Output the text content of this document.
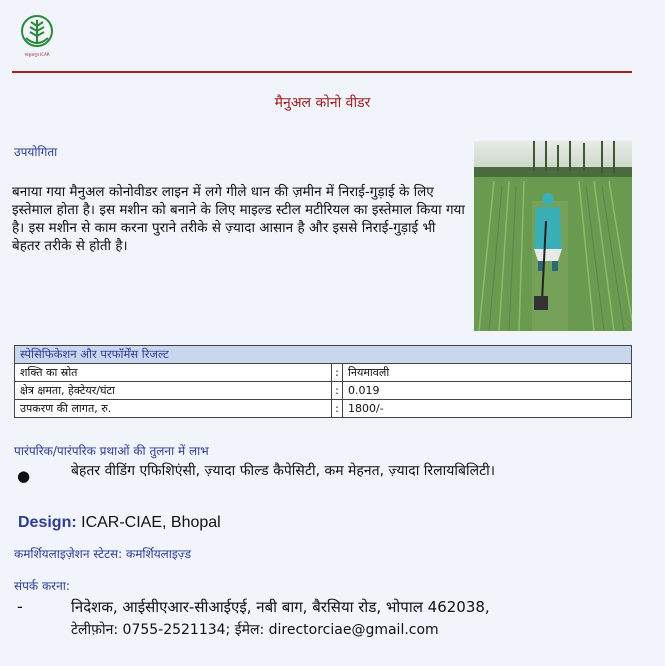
भाकृअनुप ICAR
मैनुअल कोनो वीडर
उपयोगिता
बनाया गया मैनुअल कोनोवीडर लाइन में लगे गीले धान की ज़मीन में निराई-गुड़ाई के लिए इस्तेमाल होता है। इस मशीन को बनाने के लिए माइल्ड स्टील मटीरियल का इस्तेमाल किया गया है। इस मशीन से काम करना पुराने तरीके से ज़्यादा आसान है और इससे निराई-गुड़ाई भी बेहतर तरीके से होती है।
स्पेसिफिकेशन और परफॉर्मेंस रिजल्ट		
शक्ति का स्रोत	:	नियमावली
क्षेत्र क्षमता, हेक्टेयर/घंटा	:	0.019
उपकरण की लागत, रु.	:	1800/-
पारंपरिक/पारंपरिक प्रथाओं की तुलना में लाभ
●	बेहतर वीडिंग एफिशिएंसी, ज़्यादा फील्ड कैपेसिटी, कम मेहनत, ज़्यादा रिलायबिलिटी।
Design: ICAR-CIAE, Bhopal
कमर्शियलाइज़ेशन स्टेटस: कमर्शियलाइज़्ड
संपर्क करना:
-	निदेशक, आईसीएआर-सीआईएई, नबी बाग, बैरसिया रोड, भोपाल 462038,
टेलीफ़ोन: 0755-2521134; ईमेल: directorciae@gmail.com
